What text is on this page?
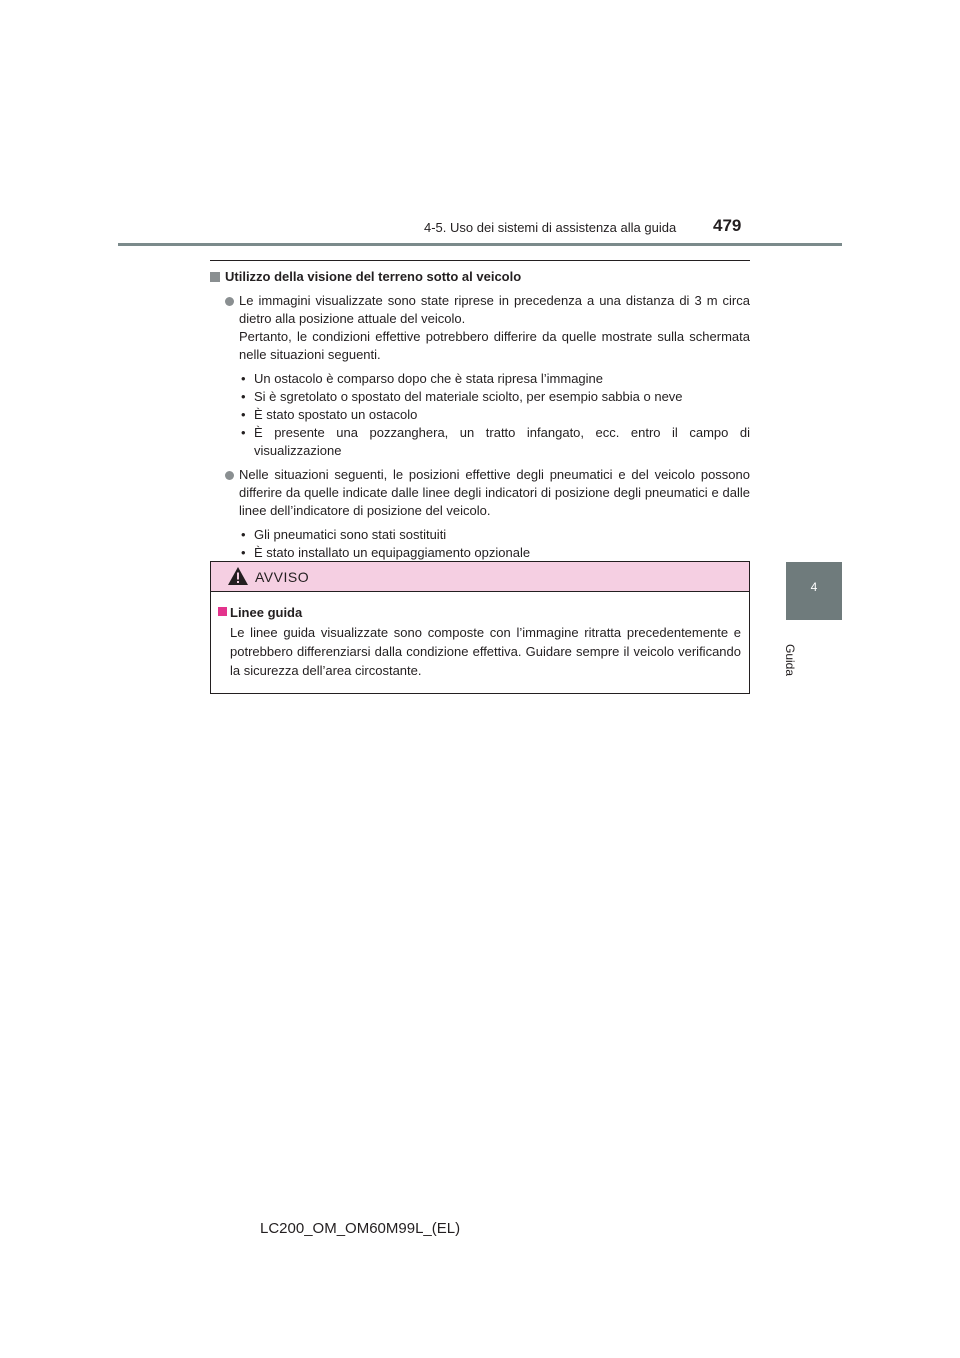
4-5. Uso dei sistemi di assistenza alla guida 479
4
Guida
Utilizzo della visione del terreno sotto al veicolo
Le immagini visualizzate sono state riprese in precedenza a una distanza di 3 m circa dietro alla posizione attuale del veicolo.
Pertanto, le condizioni effettive potrebbero differire da quelle mostrate sulla schermata nelle situazioni seguenti.
• Un ostacolo è comparso dopo che è stata ripresa l’immagine
• Si è sgretolato o spostato del materiale sciolto, per esempio sabbia o neve
• È stato spostato un ostacolo
• È presente una pozzanghera, un tratto infangato, ecc. entro il campo di visualizzazione
Nelle situazioni seguenti, le posizioni effettive degli pneumatici e del veicolo possono differire da quelle indicate dalle linee degli indicatori di posizione degli pneumatici e dalle linee dell’indicatore di posizione del veicolo.
• Gli pneumatici sono stati sostituiti
• È stato installato un equipaggiamento opzionale
AVVISO
Linee guida
Le linee guida visualizzate sono composte con l’immagine ritratta precedentemente e potrebbero differenziarsi dalla condizione effettiva. Guidare sempre il veicolo verificando la sicurezza dell’area circostante.
LC200_OM_OM60M99L_(EL)
